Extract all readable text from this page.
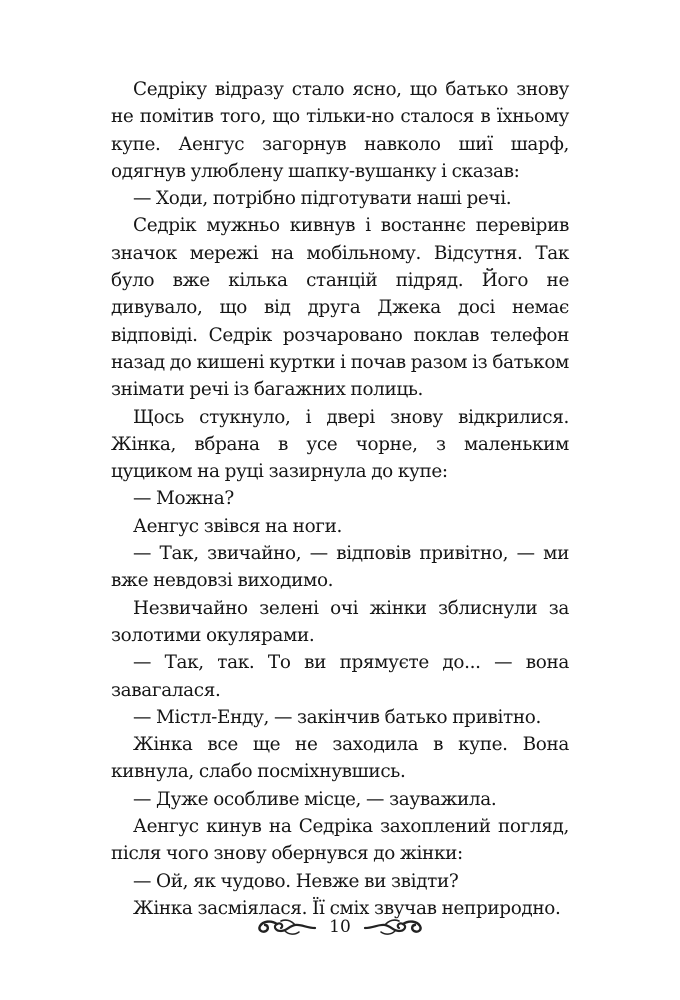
Седріку відразу стало ясно, що батько знову не помітив того, що тільки-но сталося в їхньому купе. Аенгус загорнув навколо шиї шарф, одягнув улюблену шапку-вушанку і сказав:

— Ходи, потрібно підготувати наші речі.

Седрік мужньо кивнув і востаннє перевірив значок мережі на мобільному. Відсутня. Так було вже кілька станцій підряд. Його не дивувало, що від друга Джека досі немає відповіді. Седрік розчаровано поклав телефон назад до кишені куртки і почав разом із батьком знімати речі із багажних полиць.

Щось стукнуло, і двері знову відкрилися. Жінка, вбрана в усе чорне, з маленьким цуциком на руці зазирнула до купе:

— Можна?

Аенгус звівся на ноги.

— Так, звичайно, — відповів привітно, — ми вже невдовзі виходимо.

Незвичайно зелені очі жінки зблиснули за золотими окулярами.

— Так, так. То ви прямуєте до... — вона завагалася.

— Містл-Енду, — закінчив батько привітно.

Жінка все ще не заходила в купе. Вона кивнула, слабо посміхнувшись.

— Дуже особливе місце, — зауважила.

Аенгус кинув на Седріка захоплений погляд, після чого знову обернувся до жінки:

— Ой, як чудово. Невже ви звідти?

Жінка засміялася. Її сміх звучав неприродно.

10
